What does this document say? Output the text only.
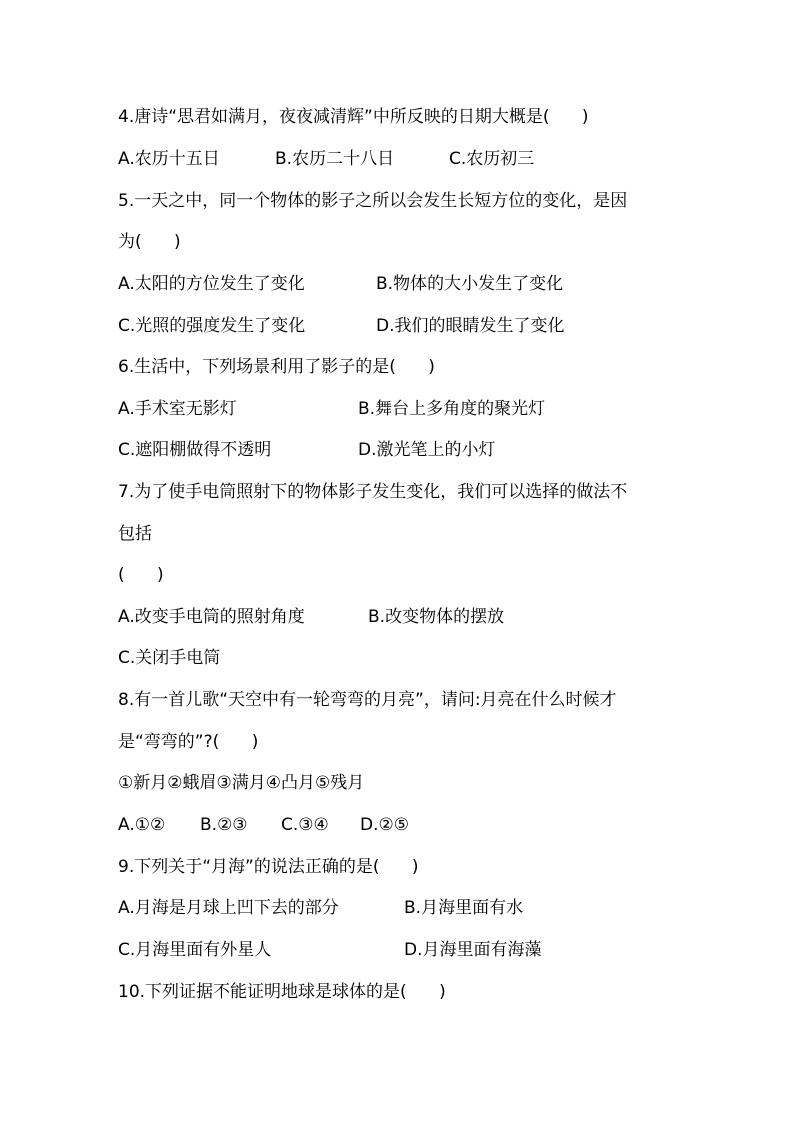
4.唐诗“思君如满月，夜夜减清辉”中所反映的日期大概是(      )
A.农历十五日	B.农历二十八日	C.农历初三
5.一天之中，同一个物体的影子之所以会发生长短方位的变化，是因
为(      )
A.太阳的方位发生了变化	B.物体的大小发生了变化
C.光照的强度发生了变化	D.我们的眼睛发生了变化
6.生活中，下列场景利用了影子的是(      )
A.手术室无影灯	B.舞台上多角度的聚光灯
C.遮阳棚做得不透明	D.激光笔上的小灯
7.为了使手电筒照射下的物体影子发生变化，我们可以选择的做法不
包括
(      )
A.改变手电筒的照射角度	B.改变物体的摆放
C.关闭手电筒
8.有一首儿歌“天空中有一轮弯弯的月亮”，请问:月亮在什么时候才
是“弯弯的”?(      )
①新月②蛾眉③满月④凸月⑤残月
A.①② B.②③ C.③④ D.②⑤
9.下列关于“月海”的说法正确的是(      )
A.月海是月球上凹下去的部分	B.月海里面有水
C.月海里面有外星人	D.月海里面有海藻
10.下列证据不能证明地球是球体的是(      )
